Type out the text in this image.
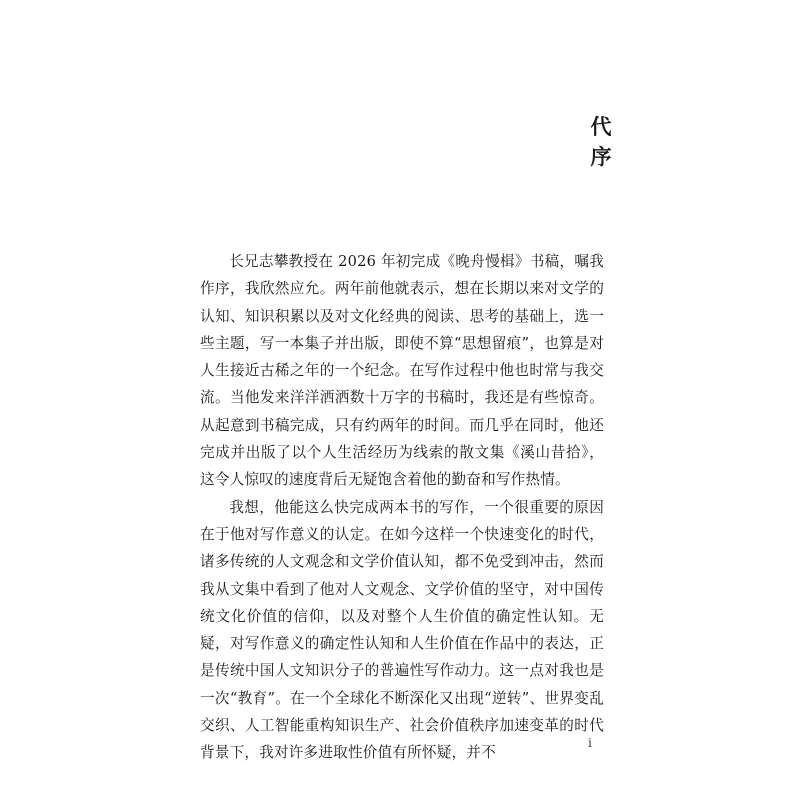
代
序

长兄志攀教授在 2026 年初完成《晚舟慢楫》书稿，嘱我作序，我欣然应允。两年前他就表示，想在长期以来对文学的认知、知识积累以及对文化经典的阅读、思考的基础上，选一些主题，写一本集子并出版，即使不算“思想留痕”，也算是对人生接近古稀之年的一个纪念。在写作过程中他也时常与我交流。当他发来洋洋洒洒数十万字的书稿时，我还是有些惊奇。从起意到书稿完成，只有约两年的时间。而几乎在同时，他还完成并出版了以个人生活经历为线索的散文集《溪山昔拾》，这令人惊叹的速度背后无疑饱含着他的勤奋和写作热情。

我想，他能这么快完成两本书的写作，一个很重要的原因在于他对写作意义的认定。在如今这样一个快速变化的时代，诸多传统的人文观念和文学价值认知，都不免受到冲击，然而我从文集中看到了他对人文观念、文学价值的坚守，对中国传统文化价值的信仰，以及对整个人生价值的确定性认知。无疑，对写作意义的确定性认知和人生价值在作品中的表达，正是传统中国人文知识分子的普遍性写作动力。这一点对我也是一次“教育”。在一个全球化不断深化又出现“逆转”、世界变乱交织、人工智能重构知识生产、社会价值秩序加速变革的时代背景下，我对许多进取性价值有所怀疑，并不

i
